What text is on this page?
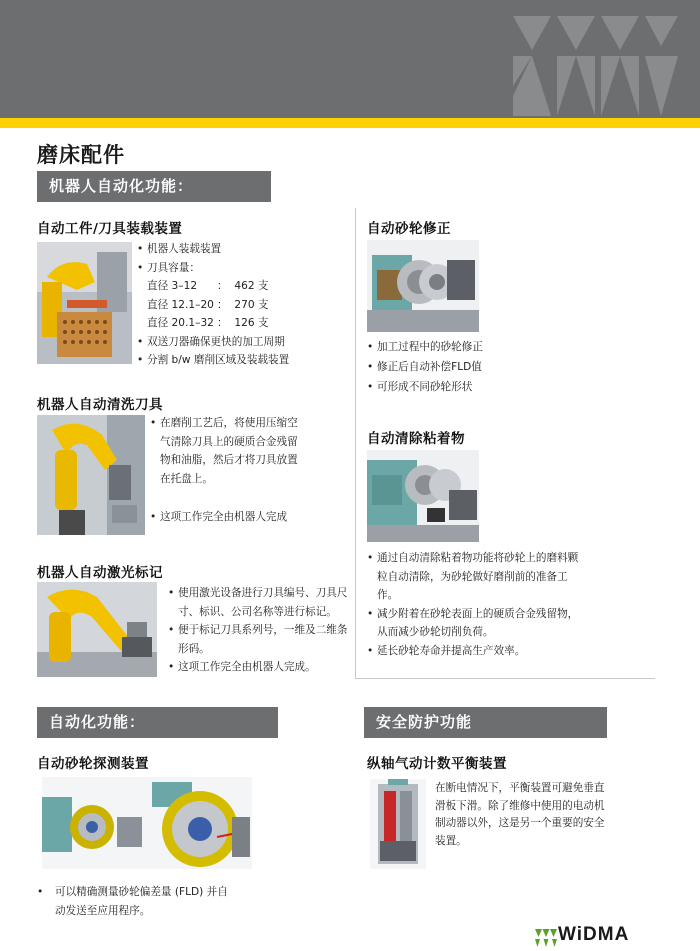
磨床配件
机器人自动化功能：
自动工件/刀具装载装置
• 机器人装载装置
• 刀具容量：
直径 3–12 ： 462 支
直径 12.1–20 ： 270 支
直径 20.1–32 ： 126 支
• 双送刀器确保更快的加工周期
• 分割 b/w 磨削区域及装载装置
机器人自动清洗刀具
• 在磨削工艺后，将使用压缩空气清除刀具上的硬质合金残留物和油脂，然后才将刀具放置在托盘上。
• 这项工作完全由机器人完成
机器人自动激光标记
• 使用激光设备进行刀具编号、刀具尺寸、标识、公司名称等进行标记。
• 便于标记刀具系列号，一维及二维条形码。
• 这项工作完全由机器人完成。
自动砂轮修正
• 加工过程中的砂轮修正
• 修正后自动补偿FLD值
• 可形成不同砂轮形状
自动清除粘着物
• 通过自动清除粘着物功能将砂轮上的磨料颗粒自动清除，为砂轮做好磨削前的准备工作。
• 减少附着在砂轮表面上的硬质合金残留物，从而减少砂轮切削负荷。
• 延长砂轮寿命并提高生产效率。
自动化功能：
自动砂轮探测装置
• 可以精确测量砂轮偏差量 (FLD) 并自动发送至应用程序。
安全防护功能
纵轴气动计数平衡装置
在断电情况下，平衡装置可避免垂直滑板下滑。除了维修中使用的电动机制动器以外，这是另一个重要的安全装置。
WiDMA
